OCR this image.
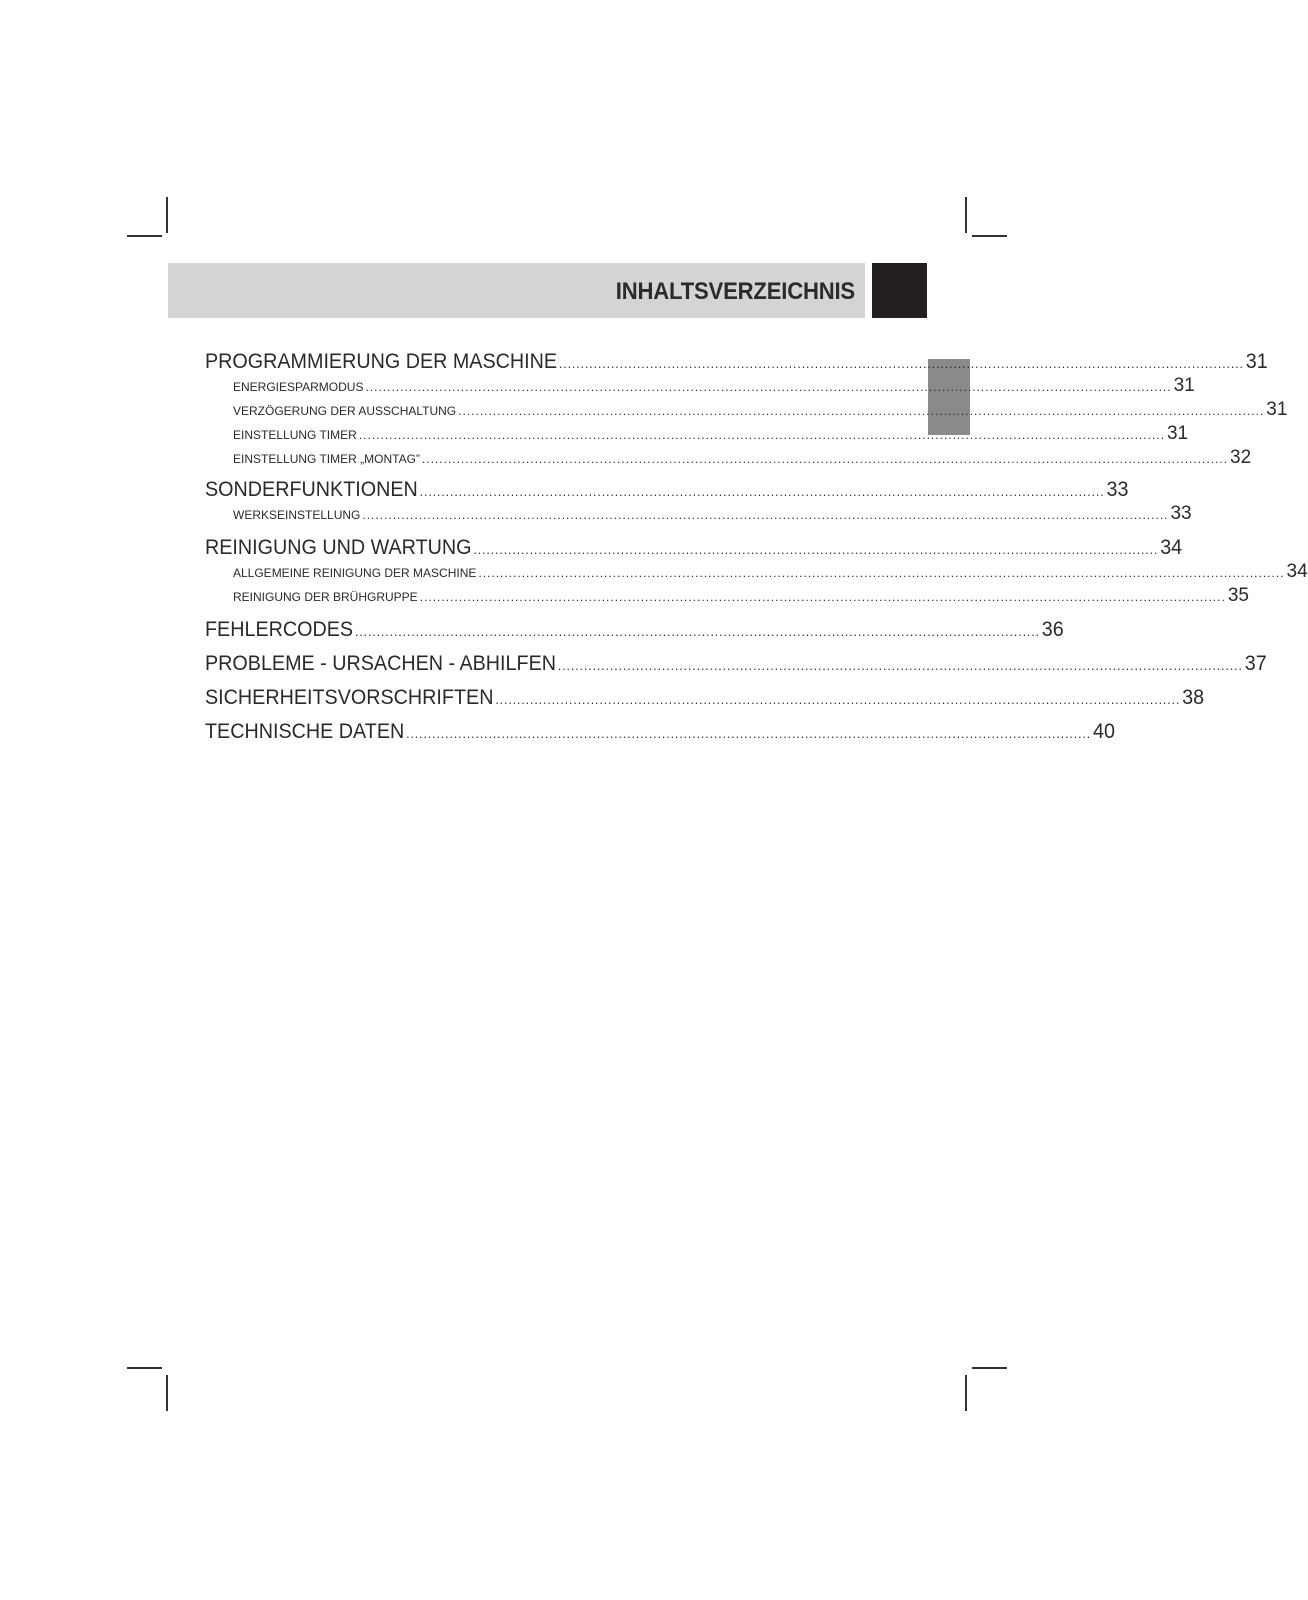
INHALTSVERZEICHNIS
PROGRAMMIERUNG DER MASCHINE .............................................................................................................................................................. 31
ENERGIESPARMODUS .......................................................................................................................................................................................... 31
VERZÖGERUNG DER AUSSCHALTUNG .......................................................................................................................................................................................... 31
EINSTELLUNG TIMER .......................................................................................................................................................................................... 31
EINSTELLUNG TIMER „MONTAG” .......................................................................................................................................................................................... 32
SONDERFUNKTIONEN .............................................................................................................................................................. 33
WERKSEINSTELLUNG .......................................................................................................................................................................................... 33
REINIGUNG UND WARTUNG .............................................................................................................................................................. 34
ALLGEMEINE REINIGUNG DER MASCHINE .......................................................................................................................................................................................... 34
REINIGUNG DER BRÜHGRUPPE .......................................................................................................................................................................................... 35
FEHLERCODES .............................................................................................................................................................. 36
PROBLEME - URSACHEN - ABHILFEN .............................................................................................................................................................. 37
SICHERHEITSVORSCHRIFTEN .............................................................................................................................................................. 38
TECHNISCHE DATEN .............................................................................................................................................................. 40
